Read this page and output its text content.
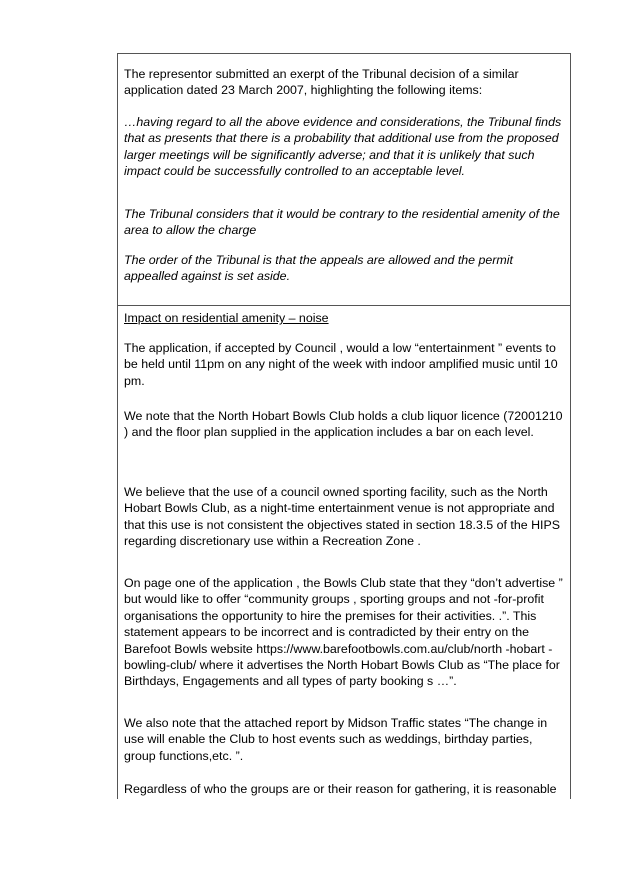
The representor submitted an exerpt of the Tribunal decision of a similar application dated 23 March 2007, highlighting the following items:

…having regard to all the above evidence and considerations, the Tribunal finds that as presents that there is a probability that additional use from the proposed larger meetings will be significantly adverse; and that it is unlikely that such impact could be successfully controlled to an acceptable level.

The Tribunal considers that it would be contrary to the residential amenity of the area to allow the charge

The order of the Tribunal is that the appeals are allowed and the permit appealled against is set aside.

Impact on residential amenity – noise

The application, if accepted by Council , would a low “entertainment ” events to be held until 11pm on any night of the week with indoor amplified music until 10 pm.

We note that the North Hobart Bowls Club holds a club liquor licence (72001210 ) and the floor plan supplied in the application includes a bar on each level.

We believe that the use of a council owned sporting facility, such as the North Hobart Bowls Club, as a night-time entertainment venue is not appropriate and that this use is not consistent the objectives stated in section 18.3.5 of the HIPS regarding discretionary use within a Recreation Zone .

On page one of the application , the Bowls Club state that they “don’t advertise ” but would like to offer “community groups , sporting groups and not -for-profit organisations the opportunity to hire the premises for their activities. .”. This statement appears to be incorrect and is contradicted by their entry on the Barefoot Bowls website https://www.barefootbowls.com.au/club/north -hobart -bowling-club/ where it advertises the North Hobart Bowls Club as “The place for Birthdays, Engagements and all types of party booking s …”.

We also note that the attached report by Midson Traffic states “The change in use will enable the Club to host events such as weddings, birthday parties, group functions,etc. ”.

Regardless of who the groups are or their reason for gathering, it is reasonable
